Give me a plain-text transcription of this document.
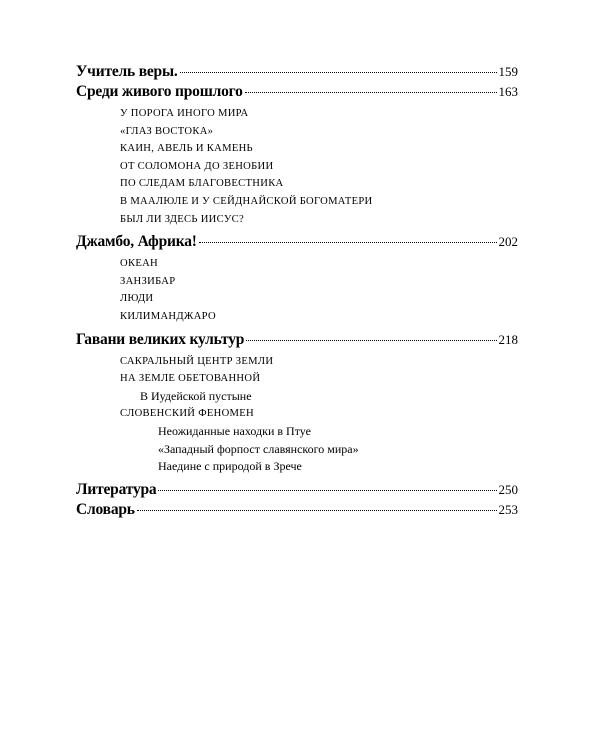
Учитель веры.	159
Среди живого прошлого	163
У ПОРОГА ИНОГО МИРА
«ГЛАЗ ВОСТОКА»
КАИН, АВЕЛЬ И КАМЕНЬ
ОТ СОЛОМОНА ДО ЗЕНОБИИ
ПО СЛЕДАМ БЛАГОВЕСТНИКА
В МААЛЮЛЕ И У СЕЙДНАЙСКОЙ БОГОМАТЕРИ
БЫЛ ЛИ ЗДЕСЬ ИИСУС?
Джамбо, Африка!	202
ОКЕАН
ЗАНЗИБАР
ЛЮДИ
КИЛИМАНДЖАРО
Гавани великих культур	218
САКРАЛЬНЫЙ ЦЕНТР ЗЕМЛИ
НА ЗЕМЛЕ ОБЕТОВАННОЙ
В Иудейской пустыне
СЛОВЕНСКИЙ ФЕНОМЕН
Неожиданные находки в Птуе
«Западный форпост славянского мира»
Наедине с природой в Зрече
Литература	250
Словарь	253
